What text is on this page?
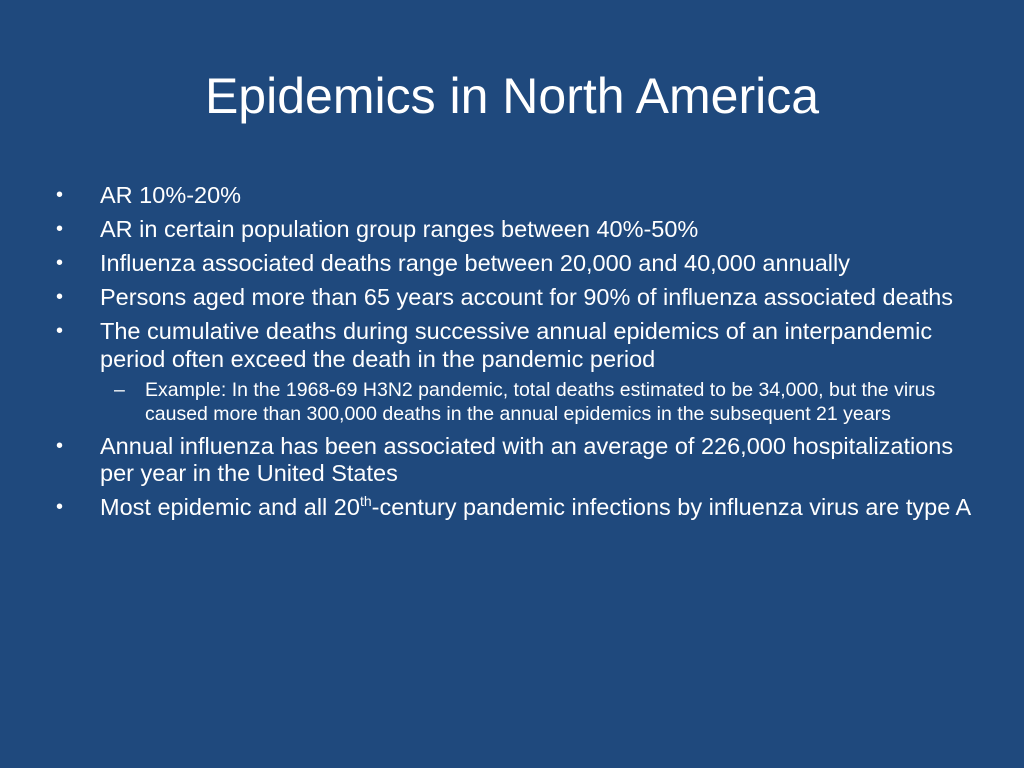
Epidemics in North America
• AR 10%-20%
• AR in certain population group ranges between 40%-50%
• Influenza associated deaths range between 20,000 and 40,000 annually
• Persons aged more than 65 years account for 90% of influenza associated deaths
• The cumulative deaths during successive annual epidemics of an interpandemic period often exceed the death in the pandemic period
– Example: In the 1968-69 H3N2 pandemic, total deaths estimated to be 34,000, but the virus caused more than 300,000 deaths in the annual epidemics in the subsequent 21 years
• Annual influenza has been associated with an average of 226,000 hospitalizations per year in the United States
• Most epidemic and all 20th-century pandemic infections by influenza virus are type A
